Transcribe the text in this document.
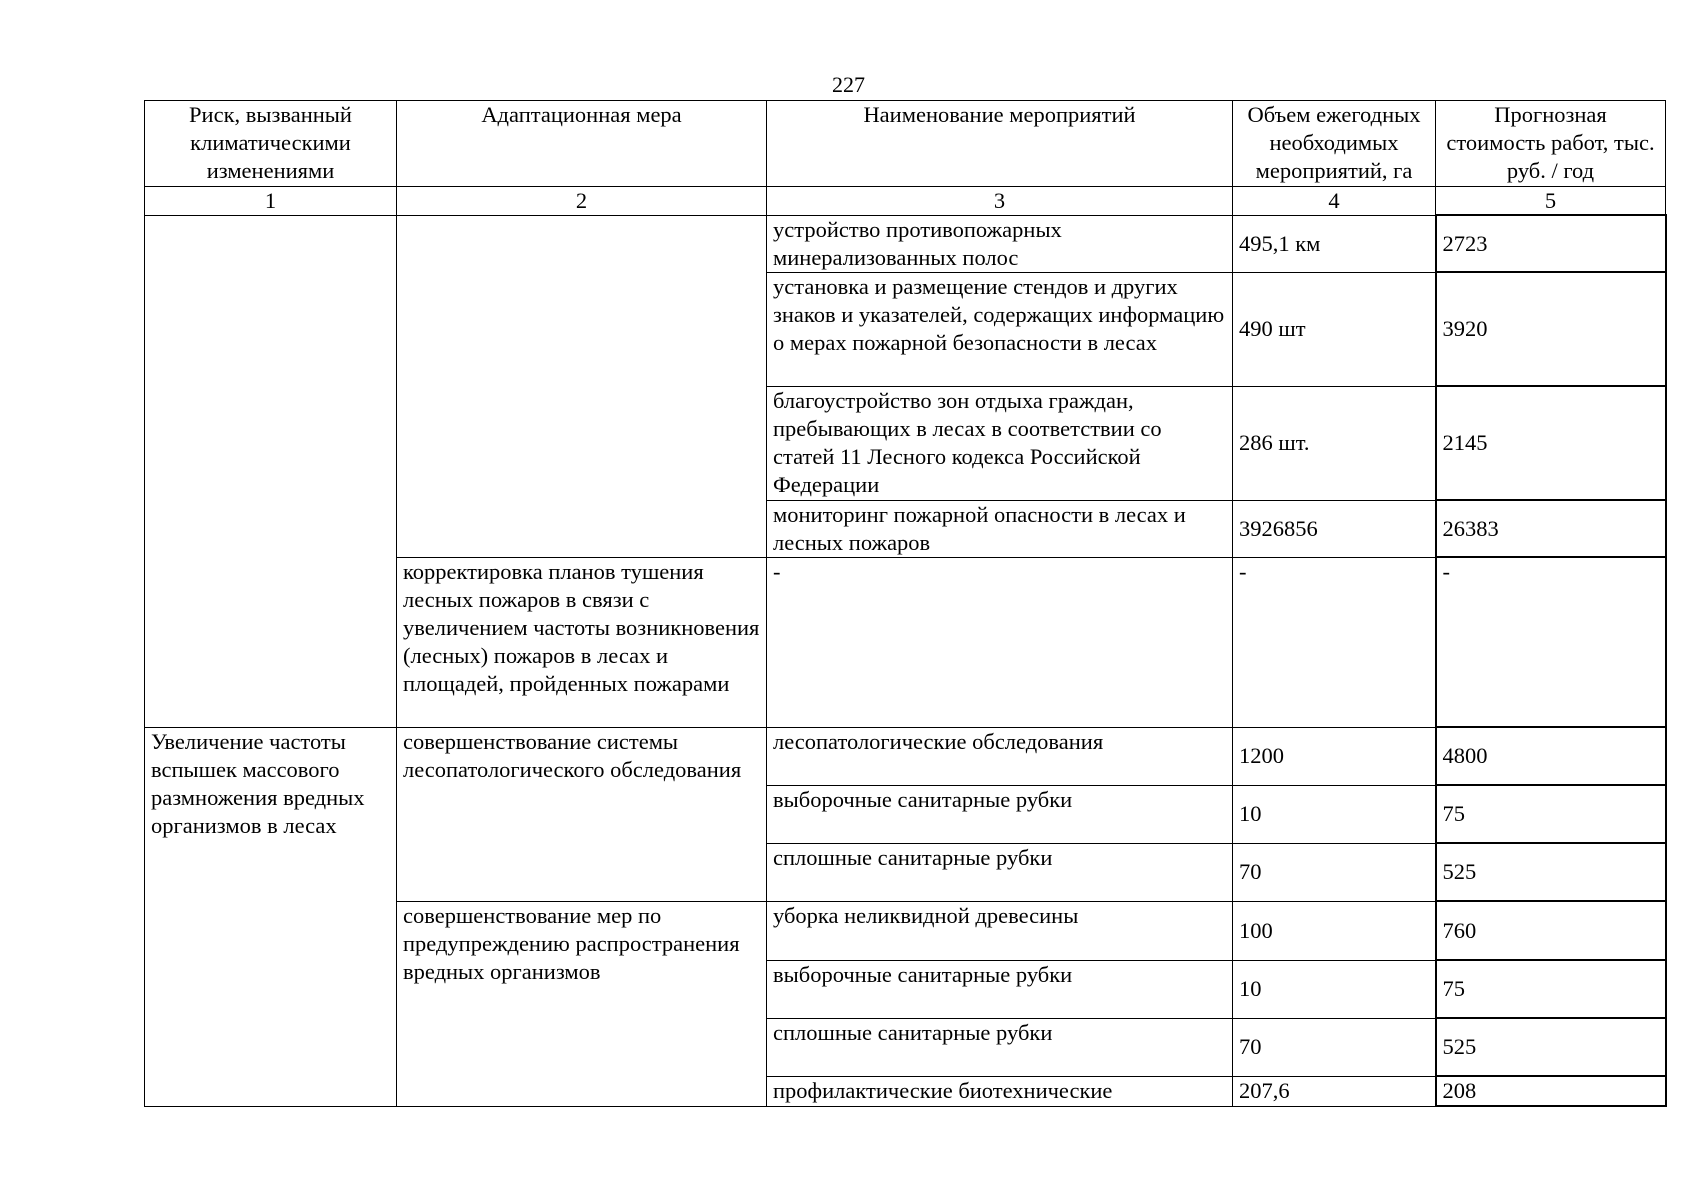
227
Риск, вызванный климатическими изменениями	Адаптационная мера	Наименование мероприятий	Объем ежегодных необходимых мероприятий, га	Прогнозная стоимость работ, тыс. руб. / год
1	2	3	4	5
		устройство противопожарных минерализованных полос	495,1 км	2723
		установка и размещение стендов и других знаков и указателей, содержащих информацию о мерах пожарной безопасности в лесах	490 шт	3920
		благоустройство зон отдыха граждан, пребывающих в лесах в соответствии со статей 11 Лесного кодекса Российской Федерации	286 шт.	2145
		мониторинг пожарной опасности в лесах и лесных пожаров	3926856	26383
	корректировка планов тушения лесных пожаров в связи с увеличением частоты возникновения (лесных) пожаров в лесах и площадей, пройденных пожарами	-	-	-
Увеличение частоты вспышек массового размножения вредных организмов в лесах	совершенствование системы лесопатологического обследования	лесопатологические обследования	1200	4800
		выборочные санитарные рубки	10	75
		сплошные санитарные рубки	70	525
	совершенствование мер по предупреждению распространения вредных организмов	уборка неликвидной древесины	100	760
		выборочные санитарные рубки	10	75
		сплошные санитарные рубки	70	525
		профилактические биотехнические	207,6	208
